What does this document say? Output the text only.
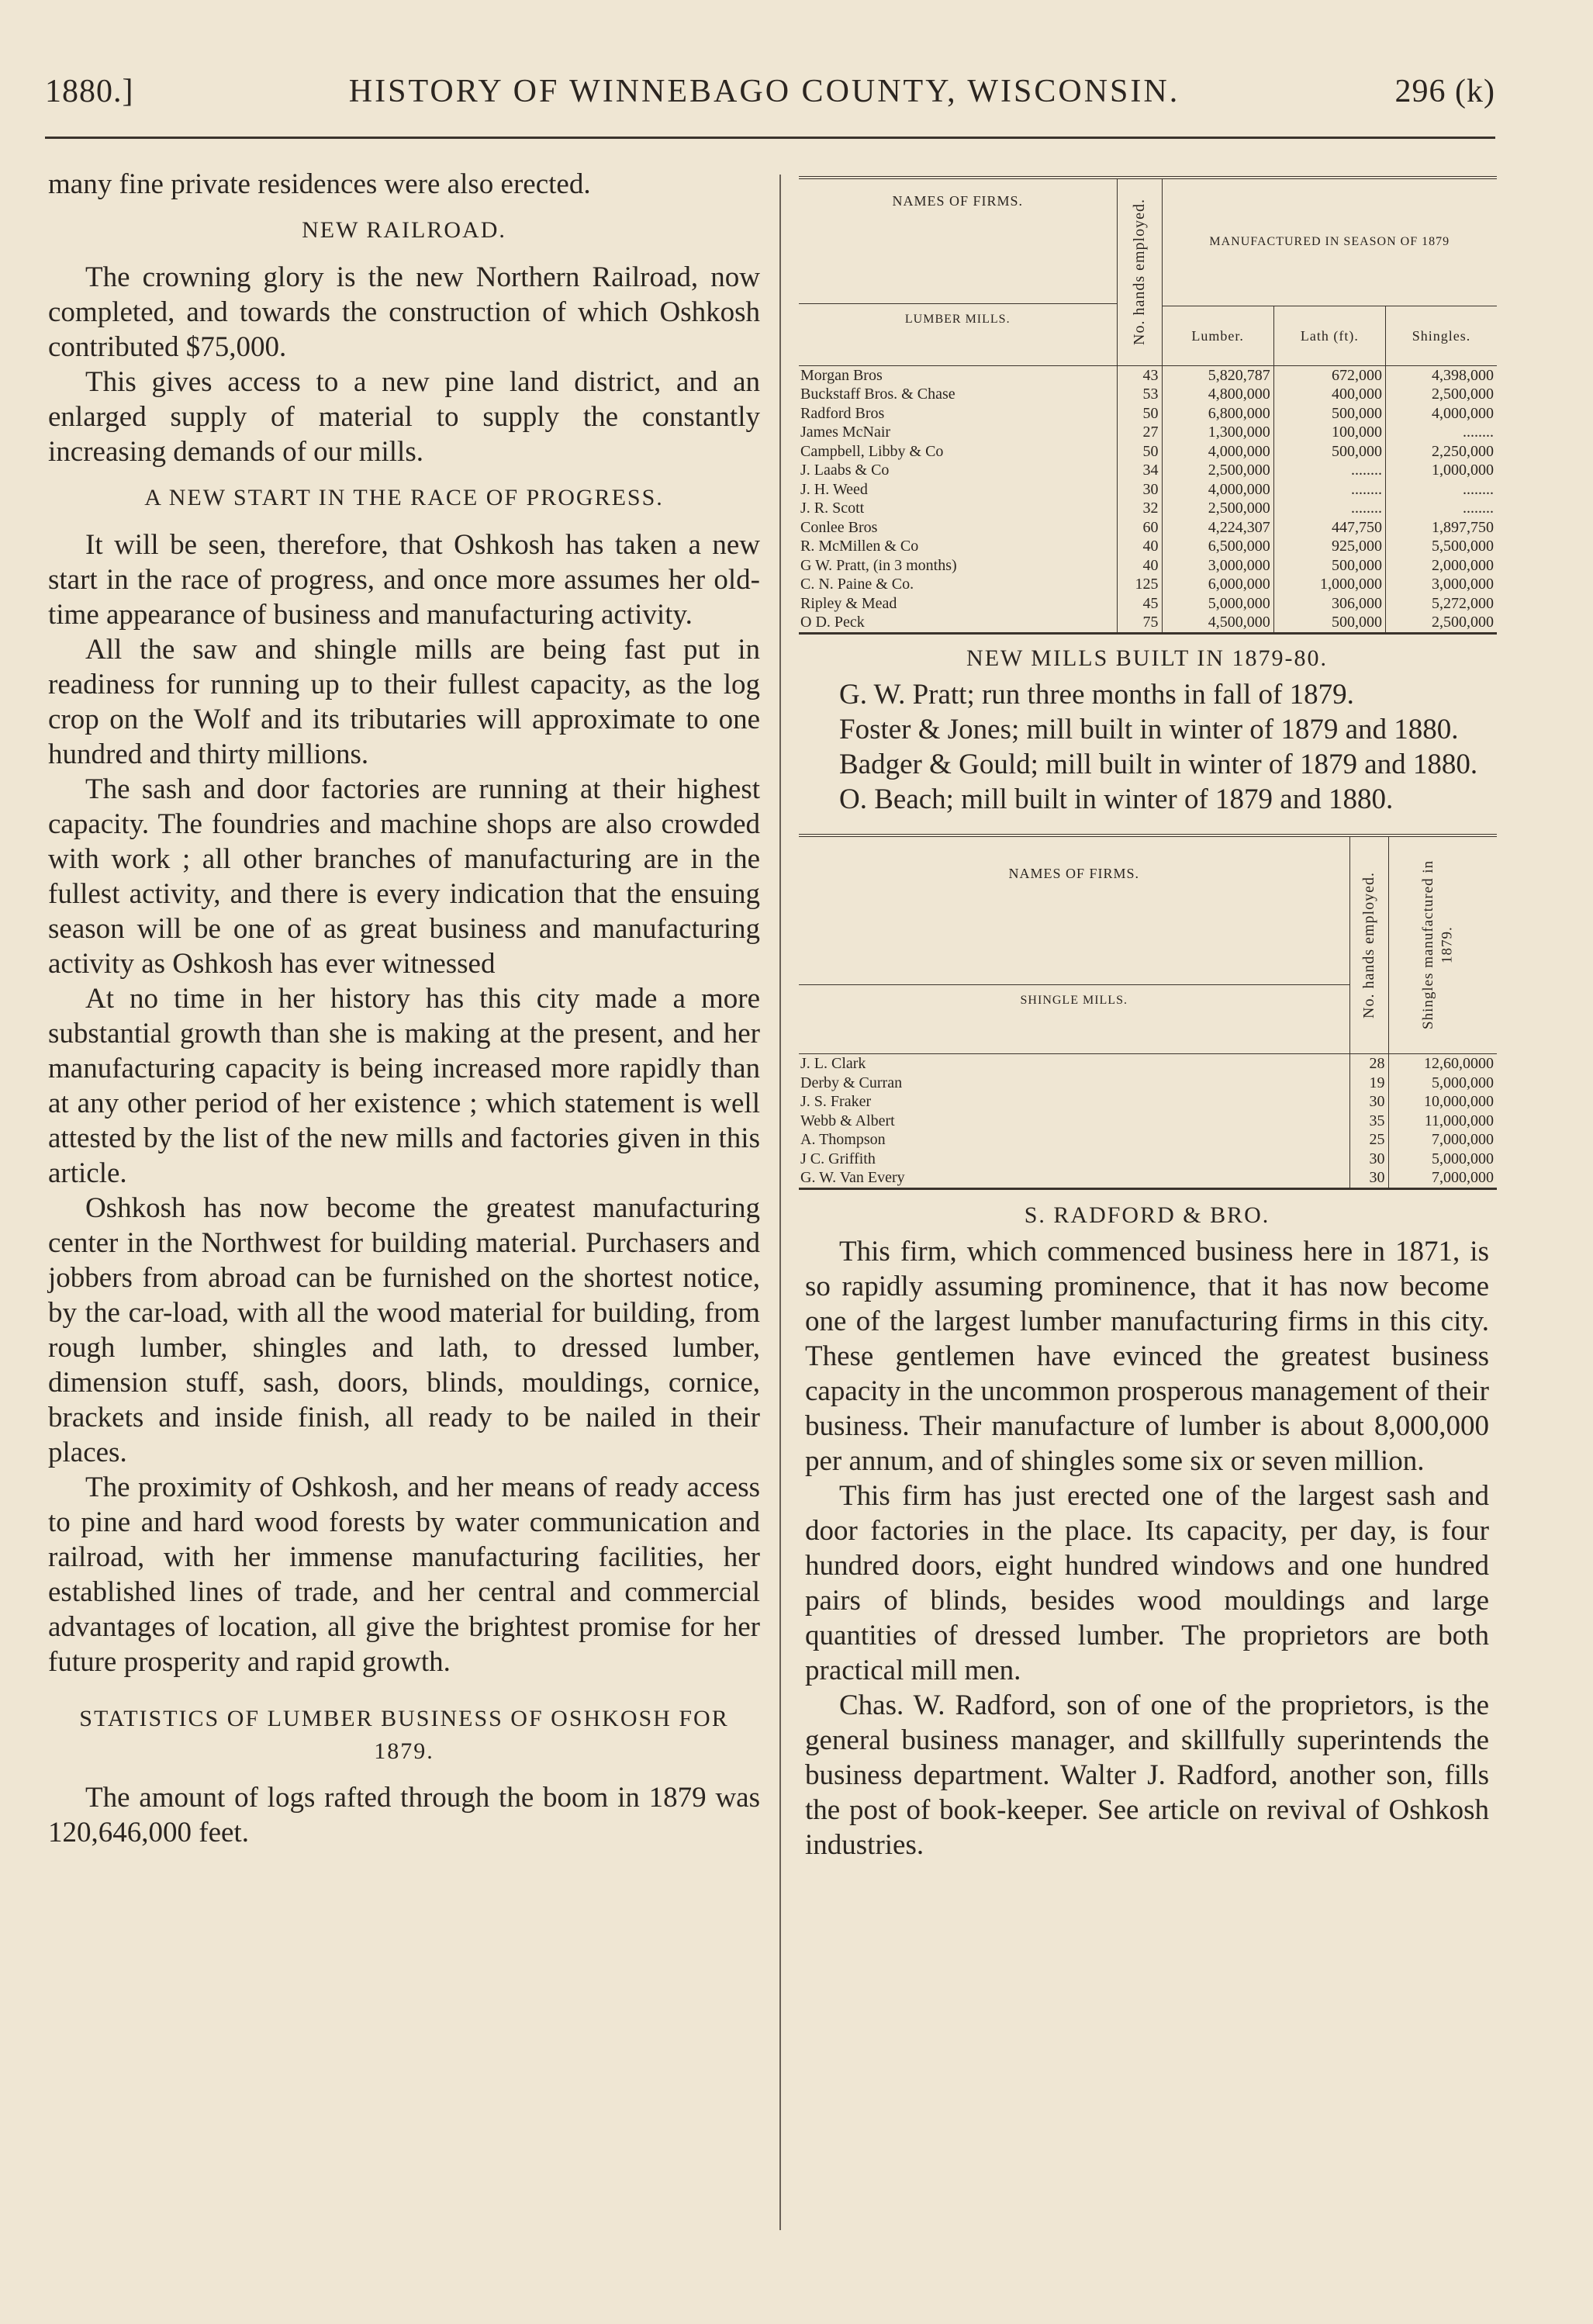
1880.]	HISTORY OF WINNEBAGO COUNTY, WISCONSIN.	296 (k)

many fine private residences were also erected.

NEW RAILROAD.

The crowning glory is the new Northern Railroad, now completed, and towards the construction of which Oshkosh contributed $75,000.

This gives access to a new pine land district, and an enlarged supply of material to supply the constantly increasing demands of our mills.

A NEW START IN THE RACE OF PROGRESS.

It will be seen, therefore, that Oshkosh has taken a new start in the race of progress, and once more assumes her old-time appearance of business and manufacturing activity.

All the saw and shingle mills are being fast put in readiness for running up to their fullest capacity, as the log crop on the Wolf and its tributaries will approximate to one hundred and thirty millions.

The sash and door factories are running at their highest capacity. The foundries and machine shops are also crowded with work ; all other branches of manufacturing are in the fullest activity, and there is every indication that the ensuing season will be one of as great business and manufacturing activity as Oshkosh has ever witnessed

At no time in her history has this city made a more substantial growth than she is making at the present, and her manufacturing capacity is being increased more rapidly than at any other period of her existence ; which statement is well attested by the list of the new mills and factories given in this article.

Oshkosh has now become the greatest manufacturing center in the Northwest for building material. Purchasers and jobbers from abroad can be furnished on the shortest notice, by the car-load, with all the wood material for building, from rough lumber, shingles and lath, to dressed lumber, dimension stuff, sash, doors, blinds, mouldings, cornice, brackets and inside finish, all ready to be nailed in their places.

The proximity of Oshkosh, and her means of ready access to pine and hard wood forests by water communication and railroad, with her immense manufacturing facilities, her established lines of trade, and her central and commercial advantages of location, all give the brightest promise for her future prosperity and rapid growth.

STATISTICS OF LUMBER BUSINESS OF OSHKOSH FOR 1879.

The amount of logs rafted through the boom in 1879 was 120,646,000 feet.

NAMES OF FIRMS.
LUMBER MILLS.	No. hands employed.	MANUFACTURED IN SEASON OF 1879		
		Lumber.	Lath (ft).	Shingles.
Morgan Bros	43	5,820,787	672,000	4,398,000
Buckstaff Bros. & Chase	53	4,800,000	400,000	2,500,000
Radford Bros	50	6,800,000	500,000	4,000,000
James McNair	27	1,300,000	100,000	........
Campbell, Libby & Co	50	4,000,000	500,000	2,250,000
J. Laabs & Co	34	2,500,000	........	1,000,000
J. H. Weed	30	4,000,000	........	........
J. R. Scott	32	2,500,000	........	........
Conlee Bros	60	4,224,307	447,750	1,897,750
R. McMillen & Co	40	6,500,000	925,000	5,500,000
G W. Pratt, (in 3 months)	40	3,000,000	500,000	2,000,000
C. N. Paine & Co.	125	6,000,000	1,000,000	3,000,000
Ripley & Mead	45	5,000,000	306,000	5,272,000
O D. Peck	75	4,500,000	500,000	2,500,000
NEW MILLS BUILT IN 1879-80.

G. W. Pratt; run three months in fall of 1879.

Foster & Jones; mill built in winter of 1879 and 1880.

Badger & Gould; mill built in winter of 1879 and 1880.

O. Beach; mill built in winter of 1879 and 1880.

NAMES OF FIRMS.
SHINGLE MILLS.	No. hands employed.	Shingles manufactured in 1879.

J. L. Clark	28	12,60,0000
Derby & Curran	19	5,000,000
J. S. Fraker	30	10,000,000
Webb & Albert	35	11,000,000
A. Thompson	25	7,000,000
J C. Griffith	30	5,000,000
G. W. Van Every	30	7,000,000
S. RADFORD & BRO.

This firm, which commenced business here in 1871, is so rapidly assuming prominence, that it has now become one of the largest lumber manufacturing firms in this city. These gentlemen have evinced the greatest business capacity in the uncommon prosperous management of their business. Their manufacture of lumber is about 8,000,000 per annum, and of shingles some six or seven million.

This firm has just erected one of the largest sash and door factories in the place. Its capacity, per day, is four hundred doors, eight hundred windows and one hundred pairs of blinds, besides wood mouldings and large quantities of dressed lumber. The proprietors are both practical mill men.

Chas. W. Radford, son of one of the proprietors, is the general business manager, and skillfully superintends the business department. Walter J. Radford, another son, fills the post of book-keeper. See article on revival of Oshkosh industries.
